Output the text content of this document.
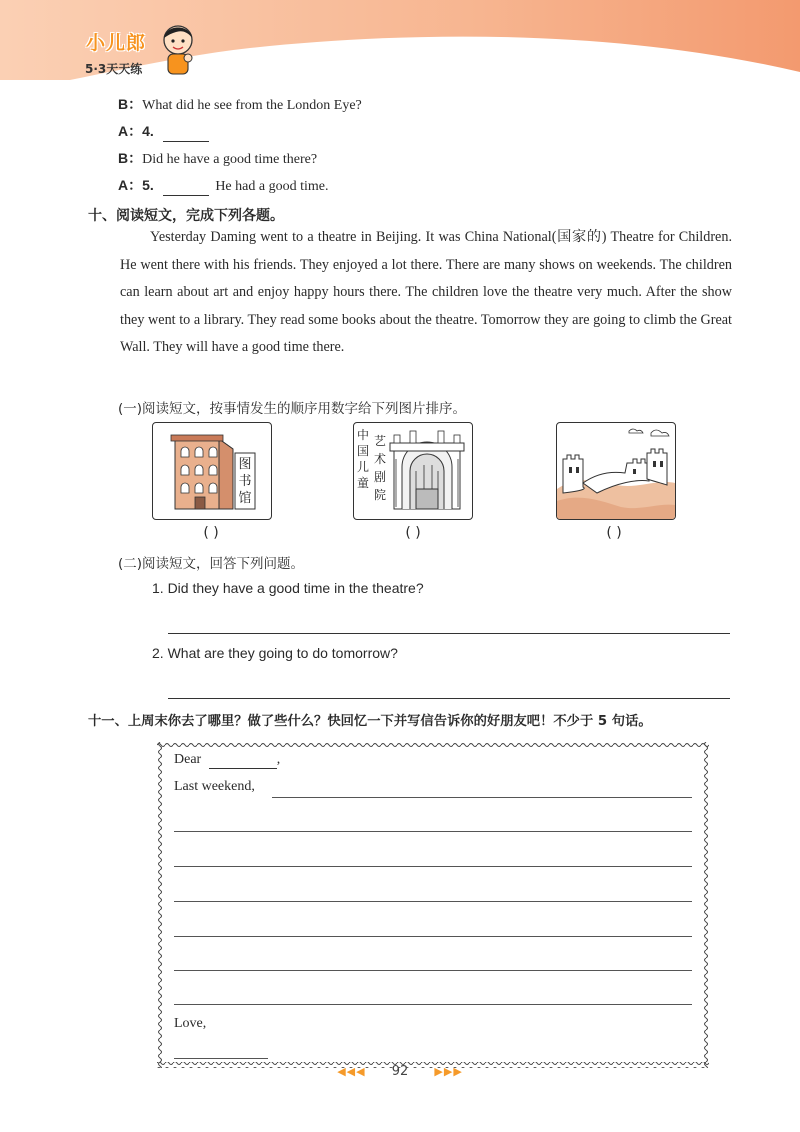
小儿郎
5·3天天练
B：What did he see from the London Eye?
A：4.
B：Did he have a good time there?
A：5.	He had a good time.
十、阅读短文，完成下列各题。

Yesterday Daming went to a theatre in Beijing. It was China National(国家的) Theatre for Children. He went there with his friends. They enjoyed a lot there. There are many shows on weekends. The children can learn about art and enjoy happy hours there. The children love the theatre very much. After the show they went to a library. They read some books about the theatre. Tomorrow they are going to climb the Great Wall. They will have a good time there.

(一)阅读短文，按事情发生的顺序用数字给下列图片排序。
图
书
馆
中
国
儿
童
艺
术
剧
院
( )	( )	( )
(二)阅读短文，回答下列问题。
1. Did they have a good time in the theatre?
2. What are they going to do tomorrow?
十一、上周末你去了哪里？做了些什么？快回忆一下并写信告诉你的好朋友吧！不少于 5 句话。
Dear	,
Last weekend,
Love,
◀◀◀ 92 ▶▶▶
